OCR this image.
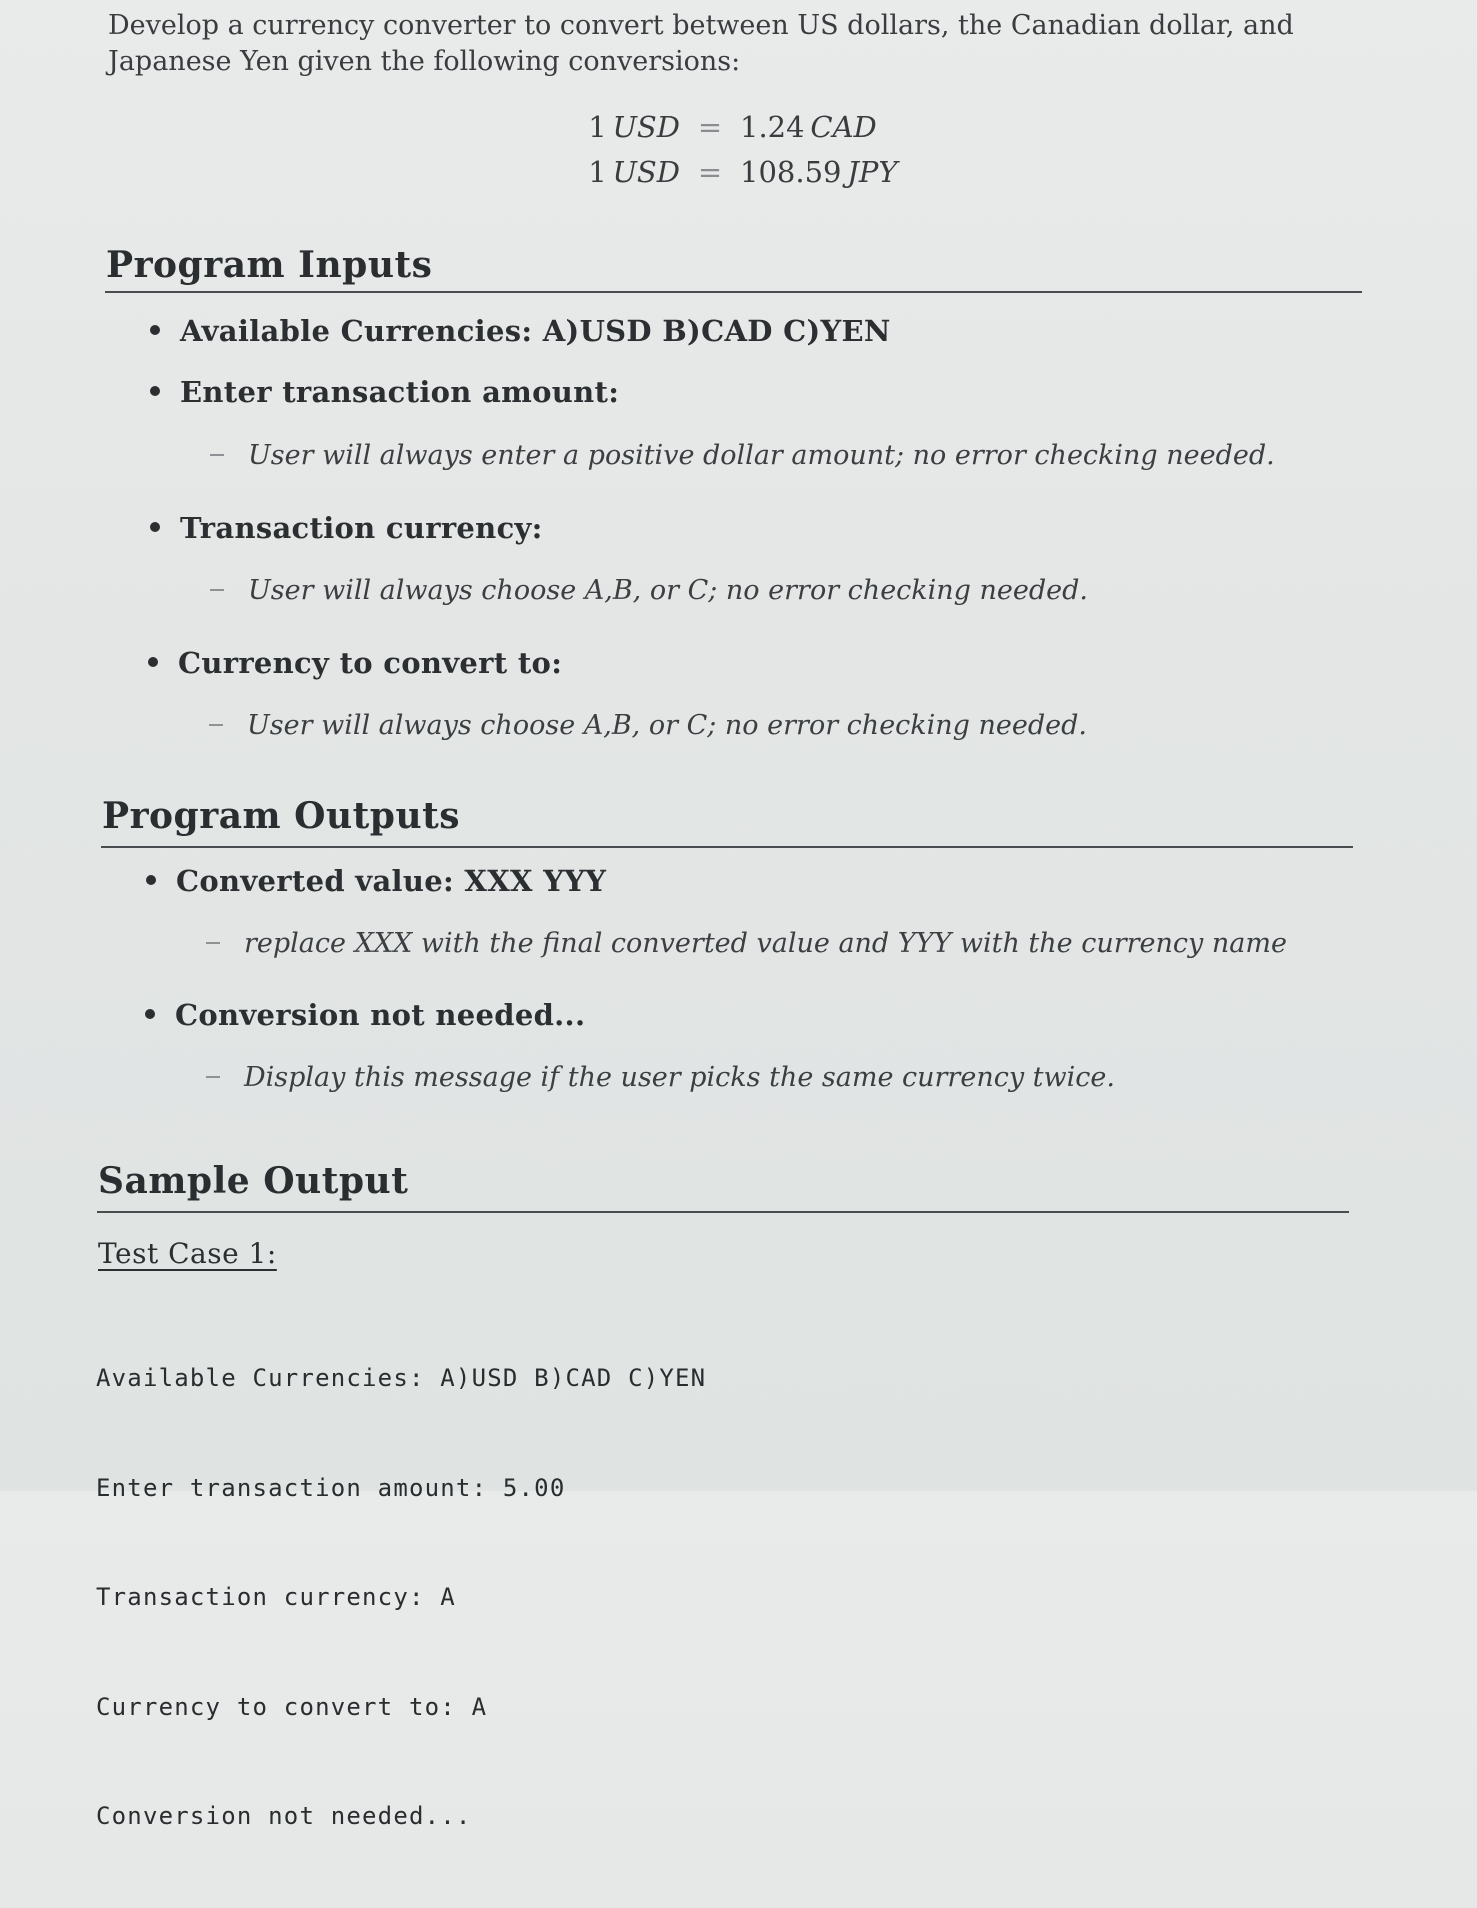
Develop a currency converter to convert between US dollars, the Canadian dollar, and Japanese Yen given the following conversions:
1  USD = 1.24  CAD
1  USD = 108.59  JPY
Program Inputs
Available Currencies: A)USD B)CAD C)YEN
Enter transaction amount:
User will always enter a positive dollar amount; no error checking needed.
Transaction currency:
User will always choose A,B, or C; no error checking needed.
Currency to convert to:
User will always choose A,B, or C; no error checking needed.
Program Outputs
Converted value: XXX YYY
replace XXX with the final converted value and YYY with the currency name
Conversion not needed...
Display this message if the user picks the same currency twice.
Sample Output
Test Case 1:

Available Currencies: A)USD B)CAD C)YEN

Enter transaction amount: 5.00

Transaction currency: A

Currency to convert to: A

Conversion not needed...
